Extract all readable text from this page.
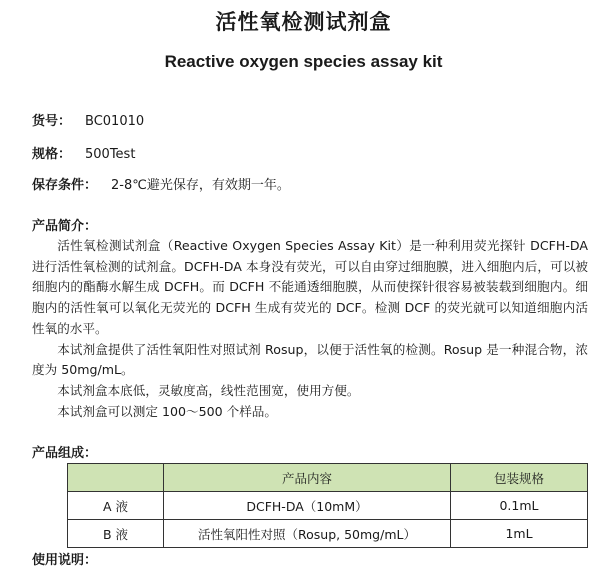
活性氧检测试剂盒
Reactive oxygen species assay kit
货号： BC01010
规格： 500Test
保存条件： 2-8℃避光保存，有效期一年。
产品简介：

活性氧检测试剂盒（Reactive Oxygen Species Assay Kit）是一种利用荧光探针 DCFH-DA 进行活性氧检测的试剂盒。DCFH-DA 本身没有荧光，可以自由穿过细胞膜，进入细胞内后，可以被细胞内的酯酶水解生成 DCFH。而 DCFH 不能通透细胞膜，从而使探针很容易被装载到细胞内。细胞内的活性氧可以氧化无荧光的 DCFH 生成有荧光的 DCF。检测 DCF 的荧光就可以知道细胞内活性氧的水平。

本试剂盒提供了活性氧阳性对照试剂 Rosup，以便于活性氧的检测。Rosup 是一种混合物，浓度为 50mg/mL。

本试剂盒本底低，灵敏度高，线性范围宽，使用方便。

本试剂盒可以测定 100～500 个样品。

产品组成：
	产品内容	包装规格
A 液	DCFH-DA（10mM）	0.1mL
B 液	活性氧阳性对照（Rosup, 50mg/mL）	1mL
使用说明：
